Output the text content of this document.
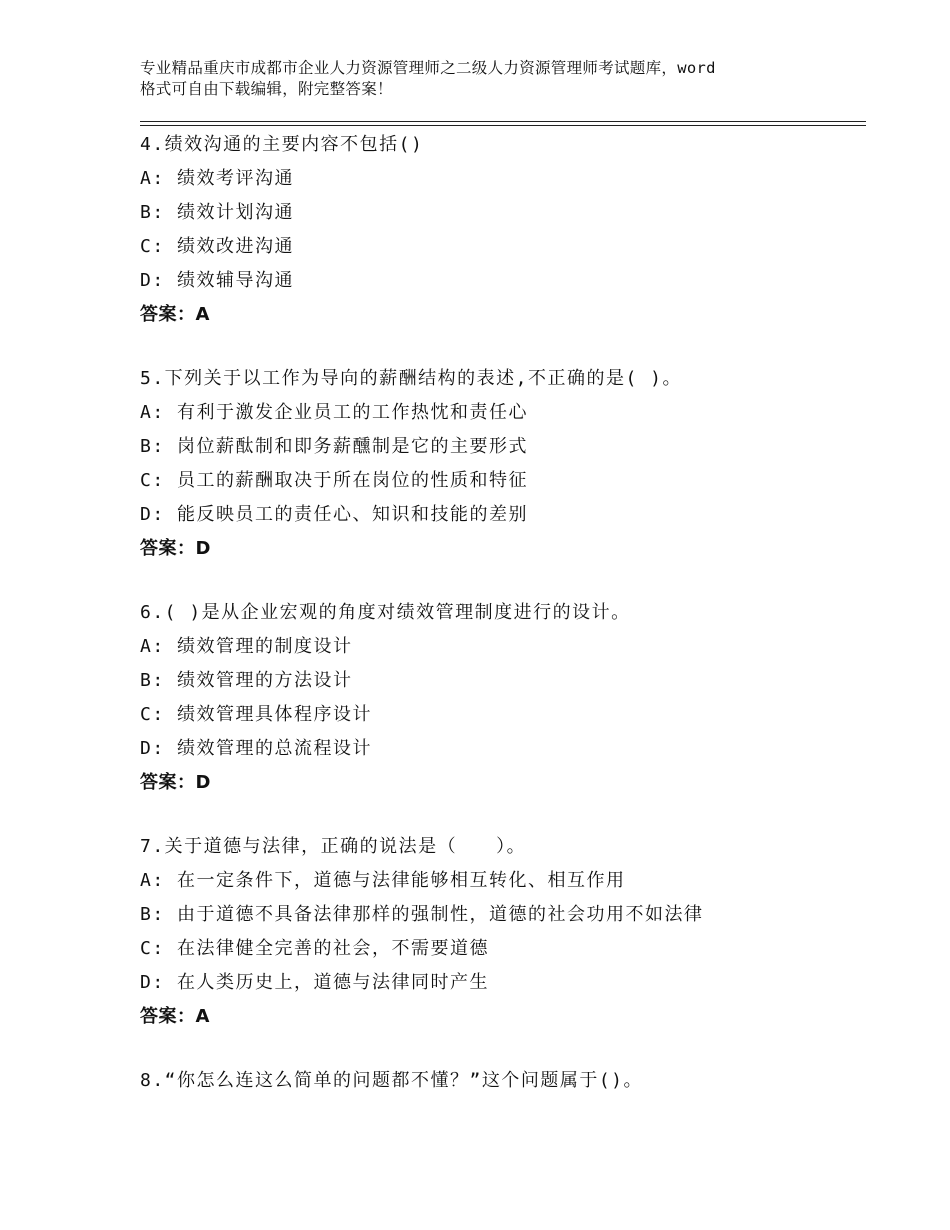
专业精品重庆市成都市企业人力资源管理师之二级人力资源管理师考试题库，word
格式可自由下载编辑，附完整答案！
4.绩效沟通的主要内容不包括()
A: 绩效考评沟通
B: 绩效计划沟通
C: 绩效改进沟通
D: 绩效辅导沟通
答案：A
5.下列关于以工作为导向的薪酬结构的表述,不正确的是( )。
A: 有利于激发企业员工的工作热忱和责任心
B: 岗位薪酞制和即务薪醺制是它的主要形式
C: 员工的薪酬取决于所在岗位的性质和特征
D: 能反映员工的责任心、知识和技能的差别
答案：D
6.( )是从企业宏观的角度对绩效管理制度进行的设计。
A: 绩效管理的制度设计
B: 绩效管理的方法设计
C: 绩效管理具体程序设计
D: 绩效管理的总流程设计
答案：D
7.关于道德与法律，正确的说法是（　　）。
A: 在一定条件下，道德与法律能够相互转化、相互作用
B: 由于道德不具备法律那样的强制性，道德的社会功用不如法律
C: 在法律健全完善的社会，不需要道德
D: 在人类历史上，道德与法律同时产生
答案：A
8.“你怎么连这么简单的问题都不懂？”这个问题属于()。
